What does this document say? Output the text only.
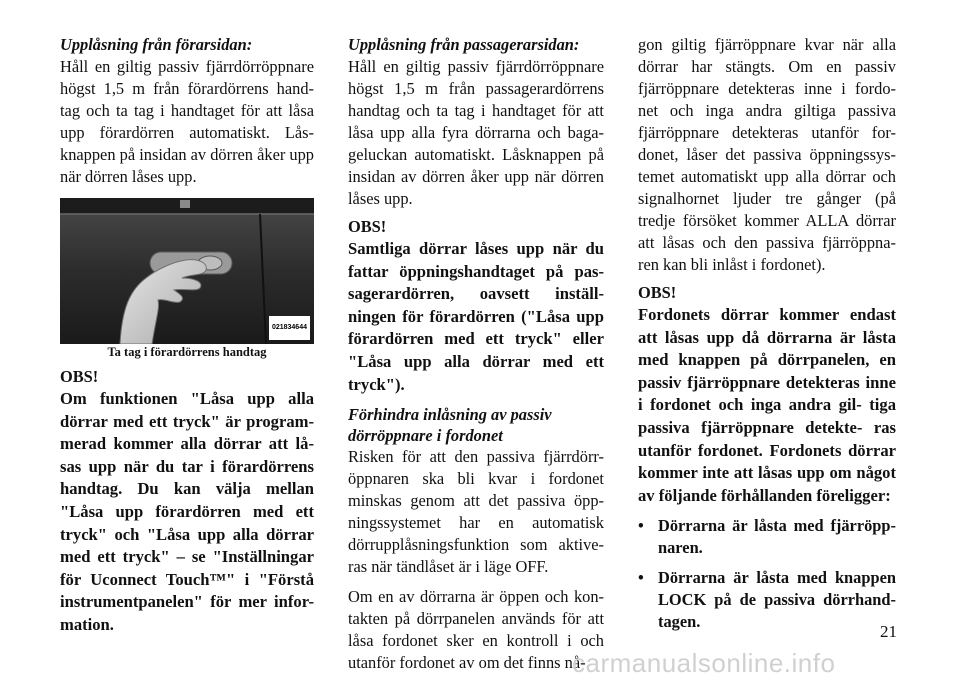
Upplåsning från förarsidan:

Håll en giltig passiv fjärrdörröppnare högst 1,5 m från förardörrens hand- tag och ta tag i handtaget för att låsa upp förardörren automatiskt. Lås- knappen på insidan av dörren åker upp när dörren låses upp.

021834644

Ta tag i förardörrens handtag

OBS!

Om funktionen "Låsa upp alla dörrar med ett tryck" är program- merad kommer alla dörrar att lå- sas upp när du tar i förardörrens handtag. Du kan välja mellan "Låsa upp förardörren med ett tryck" och "Låsa upp alla dörrar med ett tryck" – se "Inställningar för Uconnect Touch™" i "Förstå instrumentpanelen" för mer infor- mation.

Upplåsning från passagerarsidan:

Håll en giltig passiv fjärrdörröppnare högst 1,5 m från passagerardörrens handtag och ta tag i handtaget för att låsa upp alla fyra dörrarna och baga- geluckan automatiskt. Låsknappen på insidan av dörren åker upp när dörren låses upp.

OBS!

Samtliga dörrar låses upp när du fattar öppningshandtaget på pas- sagerardörren, oavsett inställ- ningen för förardörren ("Låsa upp förardörren med ett tryck" eller "Låsa upp alla dörrar med ett tryck").

Förhindra inlåsning av passiv dörröppnare i fordonet

Risken för att den passiva fjärrdörr- öppnaren ska bli kvar i fordonet minskas genom att det passiva öpp- ningssystemet har en automatisk dörrupplåsningsfunktion som aktive- ras när tändlåset är i läge OFF.

Om en av dörrarna är öppen och kon- takten på dörrpanelen används för att låsa fordonet sker en kontroll i och utanför fordonet av om det finns nå-

gon giltig fjärröppnare kvar när alla dörrar har stängts. Om en passiv fjärröppnare detekteras inne i fordo- net och inga andra giltiga passiva fjärröppnare detekteras utanför for- donet, låser det passiva öppningssys- temet automatiskt upp alla dörrar och signalhornet ljuder tre gånger (på tredje försöket kommer ALLA dörrar att låsas och den passiva fjärröppna- ren kan bli inlåst i fordonet).

OBS!

Fordonets dörrar kommer endast att låsas upp då dörrarna är låsta med knappen på dörrpanelen, en passiv fjärröppnare detekteras inne i fordonet och inga andra gil- tiga passiva fjärröppnare detekte- ras utanför fordonet. Fordonets dörrar kommer inte att låsas upp om något av följande förhållanden föreligger:

• Dörrarna är låsta med fjärröpp- naren.

• Dörrarna är låsta med knappen LOCK på de passiva dörrhand- tagen.

21
carmanualsonline.info
